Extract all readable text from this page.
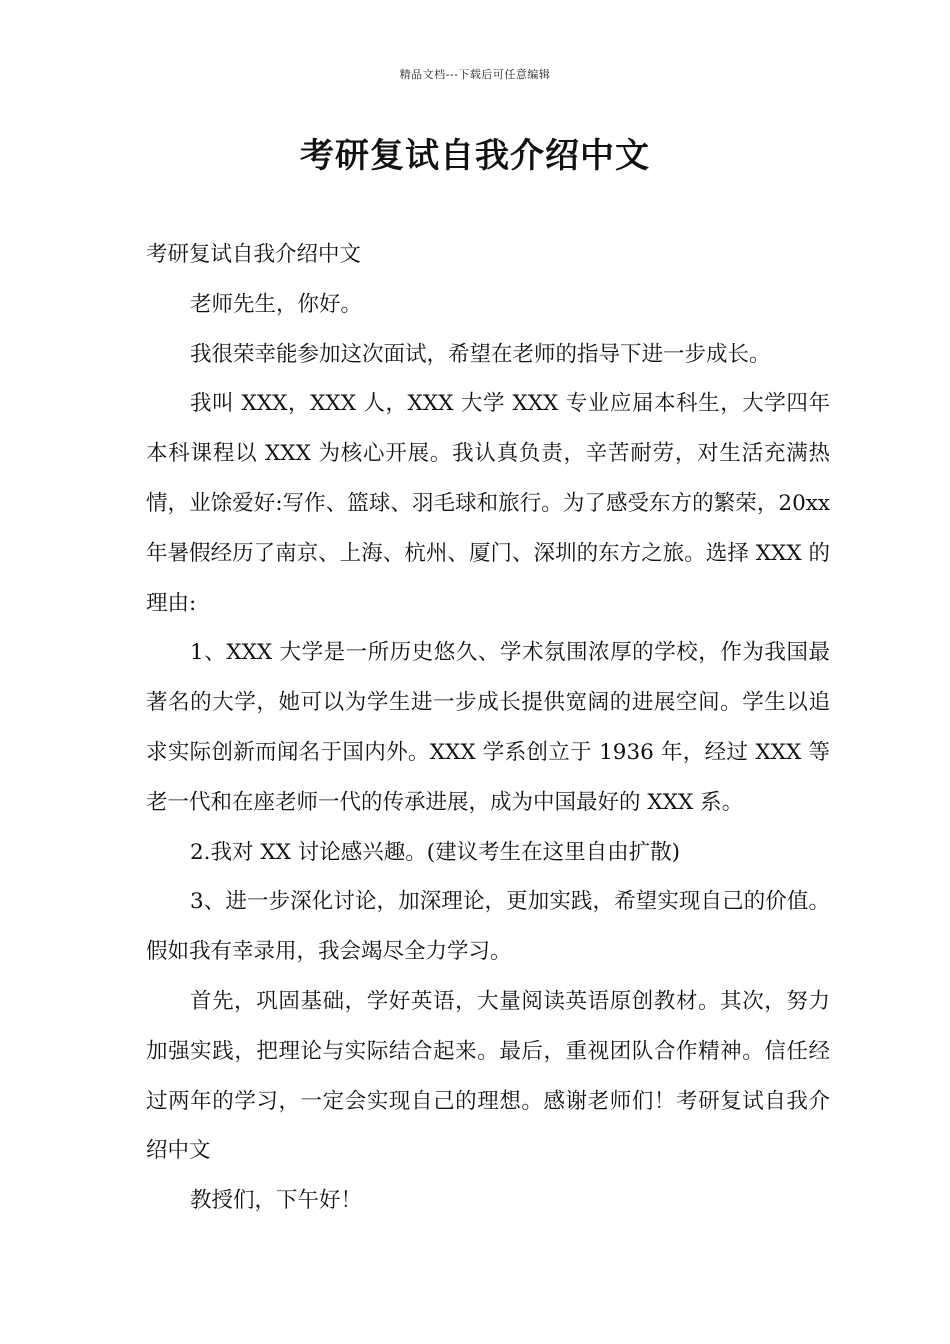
精品文档---下载后可任意编辑
考研复试自我介绍中文

考研复试自我介绍中文

老师先生，你好。

我很荣幸能参加这次面试，希望在老师的指导下进一步成长。

我叫 XXX，XXX 人，XXX 大学 XXX 专业应届本科生，大学四年本科课程以 XXX 为核心开展。我认真负责，辛苦耐劳，对生活充满热情，业馀爱好:写作、篮球、羽毛球和旅行。为了感受东方的繁荣，20xx 年暑假经历了南京、上海、杭州、厦门、深圳的东方之旅。选择 XXX 的理由:

1、XXX 大学是一所历史悠久、学术氛围浓厚的学校，作为我国最著名的大学，她可以为学生进一步成长提供宽阔的进展空间。学生以追求实际创新而闻名于国内外。XXX 学系创立于 1936 年，经过 XXX 等老一代和在座老师一代的传承进展，成为中国最好的 XXX 系。

2.我对 XX 讨论感兴趣。(建议考生在这里自由扩散)

3、进一步深化讨论，加深理论，更加实践，希望实现自己的价值。假如我有幸录用，我会竭尽全力学习。

首先，巩固基础，学好英语，大量阅读英语原创教材。其次，努力加强实践，把理论与实际结合起来。最后，重视团队合作精神。信任经过两年的学习，一定会实现自己的理想。感谢老师们！考研复试自我介绍中文

教授们，下午好！
